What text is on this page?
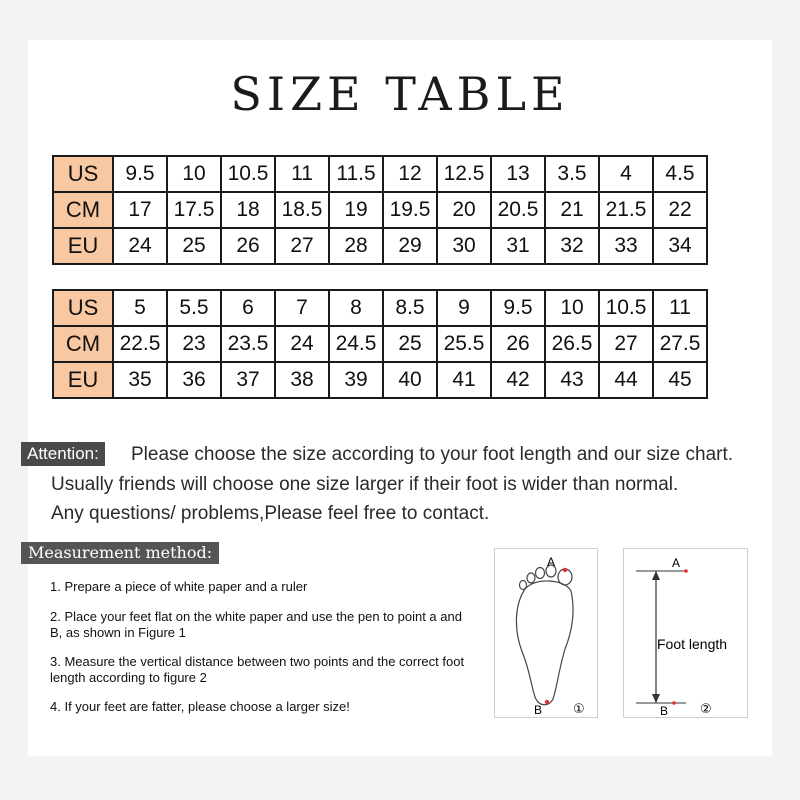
SIZE TABLE
US	9.5	10	10.5	11	11.5	12	12.5	13	3.5	4	4.5
CM	17	17.5	18	18.5	19	19.5	20	20.5	21	21.5	22
EU	24	25	26	27	28	29	30	31	32	33	34
US	5	5.5	6	7	8	8.5	9	9.5	10	10.5	11
CM	22.5	23	23.5	24	24.5	25	25.5	26	26.5	27	27.5
EU	35	36	37	38	39	40	41	42	43	44	45
Attention:	Please choose the size according to your foot length and our size chart.
Usually friends will choose one size larger if their foot is wider than normal.
Any questions/ problems,Please feel free to contact.
Measurement method:
1. Prepare a piece of white paper and a ruler
2. Place your feet flat on the white paper and use the pen to point a and B, as shown in Figure 1
3. Measure the vertical distance between two points and the correct foot length according to figure 2
4. If your feet are fatter, please choose a larger size!
A
B ①
A
B
Foot length
②
